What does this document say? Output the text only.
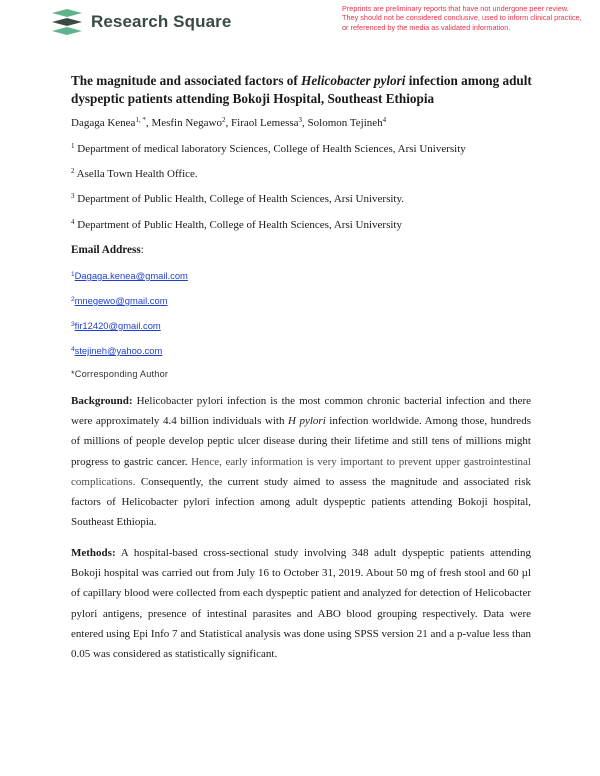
Research Square
Preprints are preliminary reports that have not undergone peer review.
They should not be considered conclusive, used to inform clinical practice,
or referenced by the media as validated information.
The magnitude and associated factors of Helicobacter pylori infection among adult dyspeptic patients attending Bokoji Hospital, Southeast Ethiopia
Dagaga Kenea$^{1, *}$, Mesfin Negawo$^2$, Firaol Lemessa$^3$, Solomon Tejineh$^4$
$^1$ Department of medical laboratory Sciences, College of Health Sciences, Arsi University
$^2$ Asella Town Health Office.
$^3$ Department of Public Health, College of Health Sciences, Arsi University.
$^4$ Department of Public Health, College of Health Sciences, Arsi University
Email Address:
$^1$Dagaga.kenea@gmail.com
$^2$mnegewo@gmail.com
$^3$fir12420@gmail.com
$^4$stejineh@yahoo.com
*Corresponding Author
Background: Helicobacter pylori infection is the most common chronic bacterial infection and there were approximately 4.4 billion individuals with H pylori infection worldwide. Among those, hundreds of millions of people develop peptic ulcer disease during their lifetime and still tens of millions might progress to gastric cancer. Hence, early information is very important to prevent upper gastrointestinal complications. Consequently, the current study aimed to assess the magnitude and associated risk factors of Helicobacter pylori infection among adult dyspeptic patients attending Bokoji hospital, Southeast Ethiopia.
Methods: A hospital-based cross-sectional study involving 348 adult dyspeptic patients attending Bokoji hospital was carried out from July 16 to October 31, 2019. About 50 mg of fresh stool and 60 µl of capillary blood were collected from each dyspeptic patient and analyzed for detection of Helicobacter pylori antigens, presence of intestinal parasites and ABO blood grouping respectively. Data were entered using Epi Info 7 and Statistical analysis was done using SPSS version 21 and a p-value less than 0.05 was considered as statistically significant.
